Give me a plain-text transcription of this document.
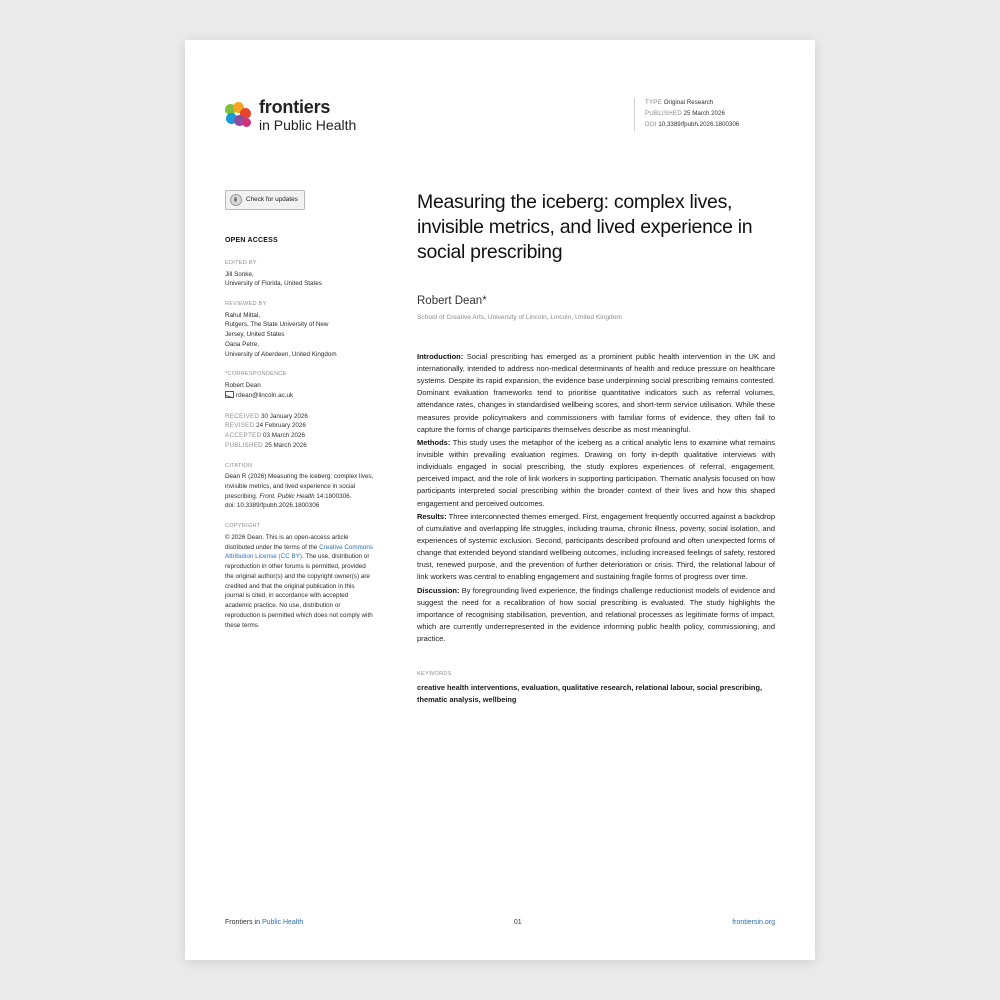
frontiers
in Public Health
TYPE Original Research
PUBLISHED 25 March 2026
DOI 10.3389/fpubh.2026.1800306
Check for updates
OPEN ACCESS
EDITED BY
Jill Sonke,
University of Florida, United States
REVIEWED BY
Rahul Mittal,
Rutgers, The State University of New
Jersey, United States
Oana Petre,
University of Aberdeen, United Kingdom
*CORRESPONDENCE
Robert Dean
rdean@lincoln.ac.uk
RECEIVED 30 January 2026
REVISED 24 February 2026
ACCEPTED 03 March 2026
PUBLISHED 25 March 2026
CITATION
Dean R (2026) Measuring the iceberg: complex lives, invisible metrics, and lived experience in social prescribing. Front. Public Health 14:1800306.
doi: 10.3389/fpubh.2026.1800306
COPYRIGHT
© 2026 Dean. This is an open-access article distributed under the terms of the Creative Commons Attribution License (CC BY). The use, distribution or reproduction in other forums is permitted, provided the original author(s) and the copyright owner(s) are credited and that the original publication in this journal is cited, in accordance with accepted academic practice. No use, distribution or reproduction is permitted which does not comply with these terms.
Measuring the iceberg: complex lives, invisible metrics, and lived experience in social prescribing
Robert Dean*
School of Creative Arts, University of Lincoln, Lincoln, United Kingdom

Introduction: Social prescribing has emerged as a prominent public health intervention in the UK and internationally, intended to address non-medical determinants of health and reduce pressure on healthcare systems. Despite its rapid expansion, the evidence base underpinning social prescribing remains contested. Dominant evaluation frameworks tend to prioritise quantitative indicators such as referral volumes, attendance rates, changes in standardised wellbeing scores, and short-term service utilisation. While these measures provide policymakers and commissioners with familiar forms of evidence, they often fail to capture the forms of change participants themselves describe as most meaningful.

Methods: This study uses the metaphor of the iceberg as a critical analytic lens to examine what remains invisible within prevailing evaluation regimes. Drawing on forty in-depth qualitative interviews with individuals engaged in social prescribing, the study explores experiences of referral, engagement, perceived impact, and the role of link workers in supporting participation. Thematic analysis focused on how participants interpreted social prescribing within the broader context of their lives and how this shaped engagement and perceived outcomes.

Results: Three interconnected themes emerged. First, engagement frequently occurred against a backdrop of cumulative and overlapping life struggles, including trauma, chronic illness, poverty, social isolation, and experiences of systemic exclusion. Second, participants described profound and often unexpected forms of change that extended beyond standard wellbeing outcomes, including increased feelings of safety, restored trust, renewed purpose, and the prevention of further deterioration or crisis. Third, the relational labour of link workers was central to enabling engagement and sustaining fragile forms of progress over time.

Discussion: By foregrounding lived experience, the findings challenge reductionist models of evidence and suggest the need for a recalibration of how social prescribing is evaluated. The study highlights the importance of recognising stabilisation, prevention, and relational processes as legitimate forms of impact, which are currently underrepresented in the evidence informing public health policy, commissioning, and practice.

KEYWORDS
creative health interventions, evaluation, qualitative research, relational labour, social prescribing, thematic analysis, wellbeing
Frontiers in Public Health	01	frontiersin.org
